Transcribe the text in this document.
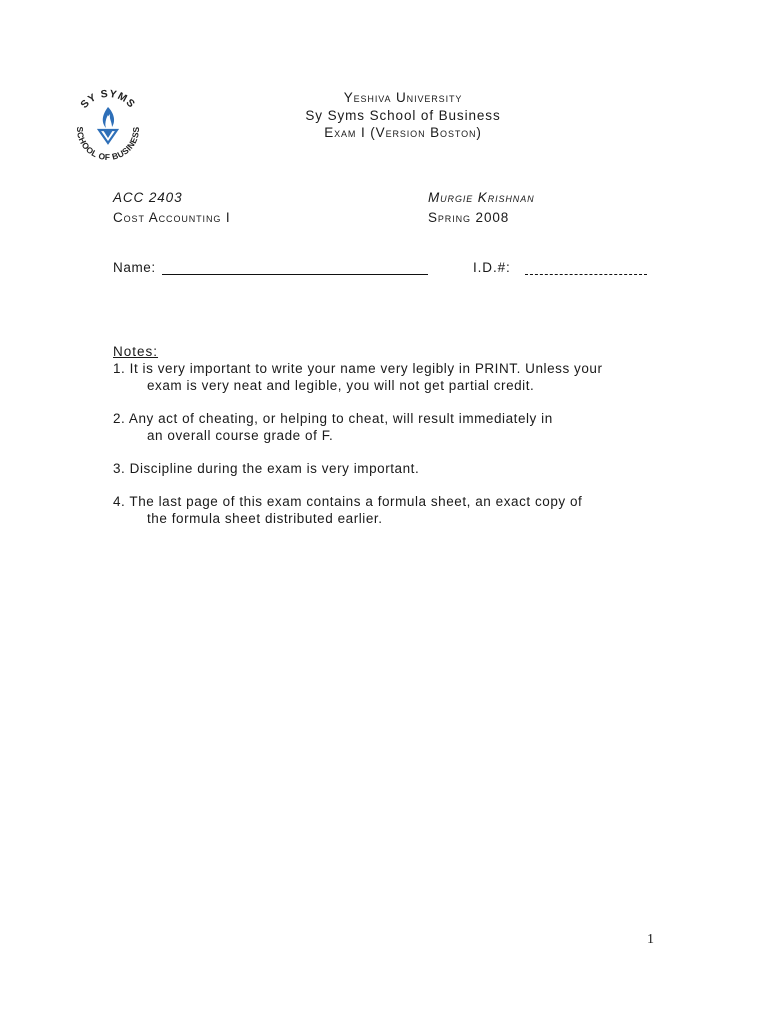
SY SYMS
SCHOOL OF BUSINESS
Yeshiva University
Sy Syms School of Business
Exam I (Version Boston)
ACC 2403
Cost Accounting I
Murgie Krishnan
Spring 2008
Name:	I.D.#:
Notes:

1. It is very important to write your name very legibly in PRINT. Unless your
exam is very neat and legible, you will not get partial credit.

2. Any act of cheating, or helping to cheat, will result immediately in
an overall course grade of F.

3. Discipline during the exam is very important.

4. The last page of this exam contains a formula sheet, an exact copy of
the formula sheet distributed earlier.

1
